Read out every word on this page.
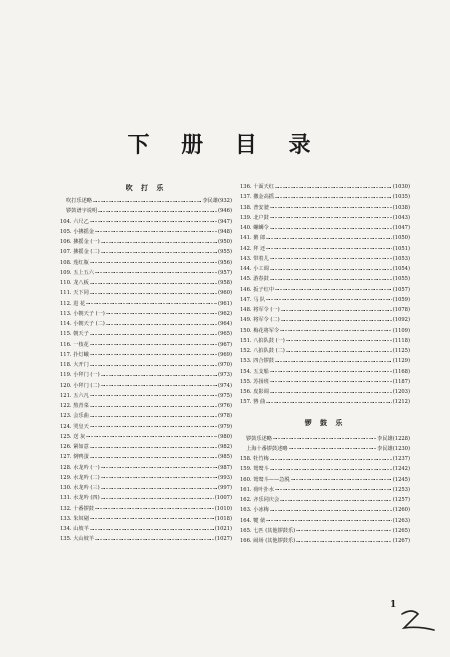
下 册 目 录
吹 打 乐
吹打乐述略	李民雄 (932)
锣鼓谱字说明	(946)
104. 六尺乙	(947)
105. 小拂摇金	(948)
106. 拂摇金 (一)	(950)
107. 拂摇金 (二)	(955)
108. 莲红瓶	(956)
109. 五上五六	(957)
110. 龙八板	(958)
111. 天下同	(960)
112. 进 花	(961)
113. 小朝天子 (一)	(962)
114. 小朝天子 (二)	(964)
115. 朝天子	(965)
116. 一枝花	(967)
117. 扑灯蛾	(969)
118. 大开门	(970)
119. 小拜门 (一)	(973)
120. 小拜门 (二)	(974)
121. 五六凡	(975)
122. 熬青菜	(976)
123. 会乐曲	(978)
124. 哭皇天	(979)
125. 送 灰	(980)
126. 紧如意	(982)
127. 倒鸭蛋	(985)
128. 水龙吟 (一)	(987)
129. 水龙吟 (二)	(993)
130. 水龙吟 (三)	(997)
131. 水龙吟 (四)	(1007)
132. 十番锣鼓	(1010)
133. 朱奴剔	(1018)
134. 山坡羊	(1021)
135. 大山坡羊	(1027)
136. 十面天红	(1030)
137. 撒金高摇	(1035)
138. 普安驶	(1038)
139. 北户鼓	(1043)
140. 螺蛳令	(1047)
141. 鹅 郎	(1050)
142. 拜 还	(1051)
143. 带着儿	(1053)
144. 小工调	(1054)
145. 游春鼓	(1055)
146. 扳子红中	(1057)
147. 马 队	(1059)
148. 将军令 (一)	(1078)
149. 将军令 (二)	(1092)
150. 梅花将军令	(1109)
151. 八拍队鼓 (一)	(1118)
152. 八拍队鼓 (二)	(1125)
153. 四合锣鼓	(1129)
154. 五支船	(1168)
155. 苏扬班	(1187)
156. 皮影调	(1203)
157. 簪 曲	(1212)
锣 鼓 乐
锣鼓乐述略	李民雄 (1228)
上海十番锣鼓述略	李民雄 (1230)
158. 牡竹梅	(1237)
159. 鸳鸯斗	(1242)
160. 鸳鸯斗——急脱	(1245)
161. 荷叶扑水	(1253)
162. 齐乐同庆会	(1257)
163. 小冰梅	(1260)
164. 犍 俵	(1263)
165. 七匹 (其他锣鼓乐)	(1265)
166. 闹场 (其他锣鼓乐)	(1267)
1
